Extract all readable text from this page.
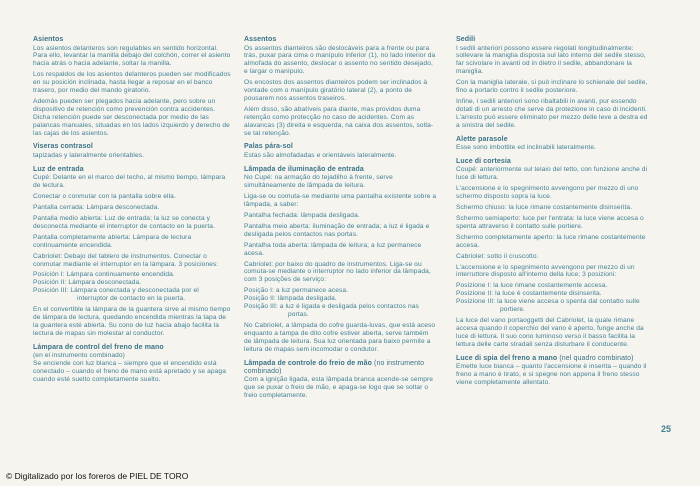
Asientos

Los asientos delanteros son regulables en sentido horizontal. Para ello, levantar la manilla debajo del colchón, correr el asiento hacia atrás o hacia adelante, soltar la manilla.

Los respaldos de los asientos delanteros pueden ser modificados en su posición inclinada, hasta llegar a reposar en el banco trasero, por medio del mando giratorio.

Además pueden ser plegados hacia adelante, pero sobre un dispositivo de retención como prevención contra accidentes. Dicha retención puede ser desconectada por medio de las palancas manuales, situadas en los lados izquierdo y derecho de las cajas de los asientos.

Viseras contrasol

tapizadas y lateralmente orientables.

Luz de entrada

Cupé: Delante en el marco del techo, al mismo tiempo, lámpara de lectura.

Conectar o conmutar con la pantalla sobre ella.

Pantalla cerrada: Lámpara desconectada.

Pantalla medio abierta: Luz de entrada; la luz se conecta y desconecta mediante el interruptor de contacto en la puerta.

Pantalla completamente abierta: Lámpara de lectura continuamente encendida.

Cabriolet: Debajo del tablero de instrumentos. Conectar o conmutar mediante el interruptor en la lámpara. 3 posiciones:

Posición I: Lámpara continuamente encendida.

Posición II: Lámpara desconectada.

Posición III: Lámpara conectada y desconectada por el interruptor de contacto en la puerta.

En el convertible la lámpara de la guantera sirve al mismo tiempo de lámpara de lectura, quedando encendida mientras la tapa de la guantera esté abierta. Su cono de luz hacia abajo facilita la lectura de mapas sin molestar al conductor.

Lámpara de control del freno de mano

(en el instrumento combinado)

Se enciende con luz blanca – siempre que el encendido está conectado – cuando el freno de mano está apretado y se apaga cuando esté suelto completamente suelto.

Assentos

Os assentos dianteiros são deslocáveis para a frente ou para trás, puxar para cima o manípulo inferior (1), no lado interior da almofada do assento, deslocar o assento no sentido desejado, e largar o manípulo.

Os encostos dos assentos dianteiros podem ser inclinados à vontade com o manípulo giratório lateral (2), a ponto de pousarem nos assentos traseiros.

Além disso, são abatíveis para diante, mas providos duma retenção como protecção no caso de acidentes. Com as alavancas (3) direita e esquerda, na caixa dos assentos, solta-se tal retenção.

Palas pára-sol

Estas são almofadadas e orientáveis lateralmente.

Lâmpada de iluminação de entrada

No Cupé: na armação do tejadilho à frente, serve simultâneamente de lâmpada de leitura.

Liga-se ou comuta-se mediante uma pantalha existente sobre a lâmpada, a saber:

Pantalha fechada: lâmpada desligada.

Pantalha meio aberta: iluminação de entrada; a luz é ligada e desligada pelos contactos nas portas.

Pantalha toda aberta: lâmpada de leitura; a luz permanece acesa.

Cabriolet: por baixo do quadro de instrumentos. Liga-se ou comuta-se mediante o interruptor no lado inferior da lâmpada, com 3 posições de serviço:

Posição I: a luz permanece acesa.

Posição II: lâmpada desligada.

Posição III: a luz é ligada e desligada pelos contactos nas portas.

No Cabriolet, a lâmpada do cofre guarda-luvas, que está aceso enquanto a tampa de dito cofre estiver aberta, serve também de lâmpada de leitura. Sua luz orientada para baixo permite a leitura de mapas sem incomodar o condutor.

Lâmpada de controle do freio de mão (no instrumento combinado)

Com a ignição ligada, esta lâmpada branca acende-se sempre que se puxar o freio de mão, e apaga-se logo que se soltar o freio completamente.

Sedili

I sedili anteriori possono essere regolati longitudinalmente: sollevare la maniglia disposta sul lato interno del sedile stesso, far scivolare in avanti od in dietro il sedile, abbandonare la maniglia.

Con la maniglia laterale, si può inclinare lo schienale del sedile, fino a portarlo contro il sedile posteriore.

Infine, i sedili anteriori sono ribaltabili in avanti, pur essendo dotati di un arresto che serve da protezione in caso di incidenti. L'arresto può essere eliminato per mezzo delle leve a destra ed a sinistra del sedile.

Alette parasole

Esse sono imbottite ed inclinabili lateralmente.

Luce di cortesia

Coupé: anteriormente sul telaio del tetto, con funzione anche di luce di lettura.

L'accensione e lo spegnimento avvengono per mezzo di uno schermo disposto sopra la luce.

Schermo chiuso: la luce rimane costantemente disinserita.

Schermo semiaperto: luce per l'entrata: la luce viene accesa o spenta attraverso il contatto sulle portiere.

Schermo completamente aperto: la luce rimane costantemente accesa.

Cabriolet: sotto il cruscotto.

L'accensione e lo spegnimento avvengono per mezzo di un interruttore disposto all'interno della luce; 3 posizioni:

Posizione I: la luce rimane costantemente accesa.

Posizione II: la luce è costantemente disinserita.

Posizione III: la luce viene accesa o spenta dal contatto sulle portiere.

La luce del vano portaoggetti del Cabriolet, la quale rimane accesa quando il coperchio del vano è aperto, funge anche da luce di lettura. Il suo cono luminoso verso il basso facilita la lettura delle carte stradali senza disturbare il conducente.

Luce di spia del freno a mano (nel quadro combinato)

Emette luce bianca – quanto l'accensione è inserita – quando il freno a mano è tirato, e si spegne non appena il freno stesso viene completamente allentato.

25
© Digitalizado por los foreros de PIEL DE TORO
